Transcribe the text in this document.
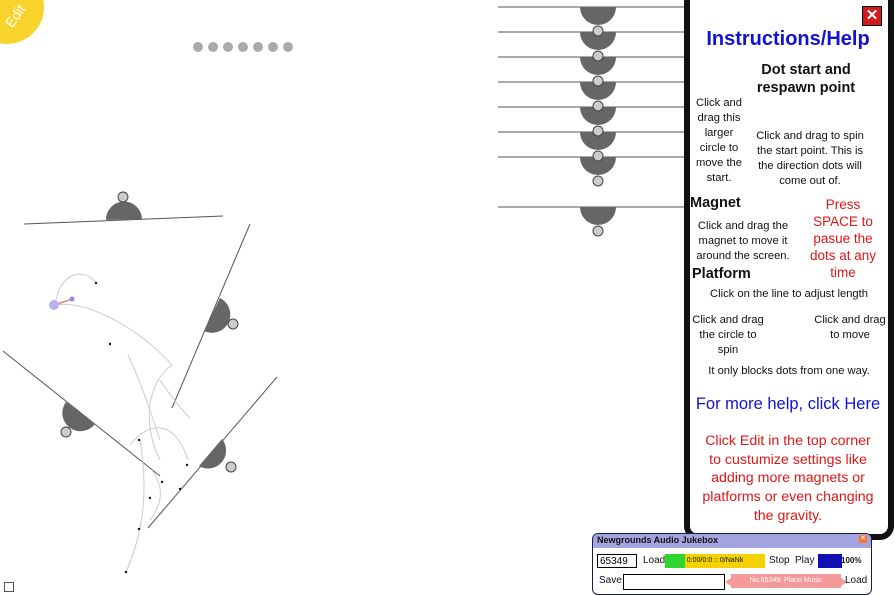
Edit	✕
Instructions/Help
Dot start and respawn point
Click and drag this larger circle to move the start.
Click and drag to spin the start point. This is the direction dots will come out of.
Magnet
Click and drag the magnet to move it around the screen.
Press SPACE to pasue the dots at any time
Platform
Click on the line to adjust length
Click and drag the circle to spin
Click and drag to move
It only blocks dots from one way.
For more help, click Here
Click Edit in the top corner to custumize settings like adding more magnets or platforms or even changing the gravity.
Newgrounds Audio Jukebox	✕
65349	Load	0:00/0:0 :: 0/NaNk	Stop Play	100%
Save	No.65349: Piano Music	Load
